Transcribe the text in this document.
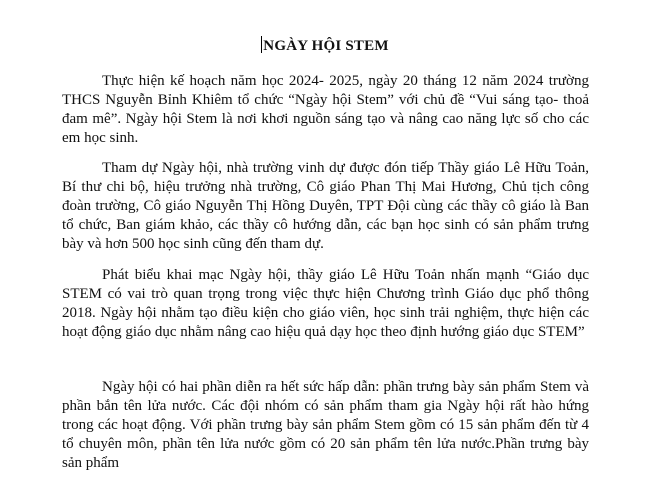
NGÀY HỘI STEM

Thực hiện kế hoạch năm học 2024- 2025, ngày 20 tháng 12 năm 2024 trường THCS Nguyễn Bỉnh Khiêm tổ chức “Ngày hội Stem” với chủ đề “Vui sáng tạo- thoả đam mê”. Ngày hội Stem là nơi khơi nguồn sáng tạo và nâng cao năng lực số cho các em học sinh.

Tham dự Ngày hội, nhà trường vinh dự được đón tiếp Thầy giáo Lê Hữu Toản, Bí thư chi bộ, hiệu trưởng nhà trường, Cô giáo Phan Thị Mai Hương, Chủ tịch công đoàn trường, Cô giáo Nguyễn Thị Hồng Duyên, TPT Đội cùng các thầy cô giáo là Ban tổ chức, Ban giám khảo, các thầy cô hướng dẫn, các bạn học sinh có sản phẩm trưng bày và hơn 500 học sinh cũng đến tham dự.

Phát biểu khai mạc Ngày hội, thầy giáo Lê Hữu Toản nhấn mạnh “Giáo dục STEM có vai trò quan trọng trong việc thực hiện Chương trình Giáo dục phổ thông 2018. Ngày hội nhằm tạo điều kiện cho giáo viên, học sinh trải nghiệm, thực hiện các hoạt động giáo dục nhằm nâng cao hiệu quả dạy học theo định hướng giáo dục STEM”

Ngày hội có hai phần diễn ra hết sức hấp dẫn: phần trưng bày sản phẩm Stem và phần bắn tên lửa nước. Các đội nhóm có sản phẩm tham gia Ngày hội rất hào hứng trong các hoạt động. Với phần trưng bày sản phẩm Stem gồm có 15 sản phẩm đến từ 4 tổ chuyên môn, phần tên lửa nước gồm có 20 sản phẩm tên lửa nước.Phần trưng bày sản phẩm
